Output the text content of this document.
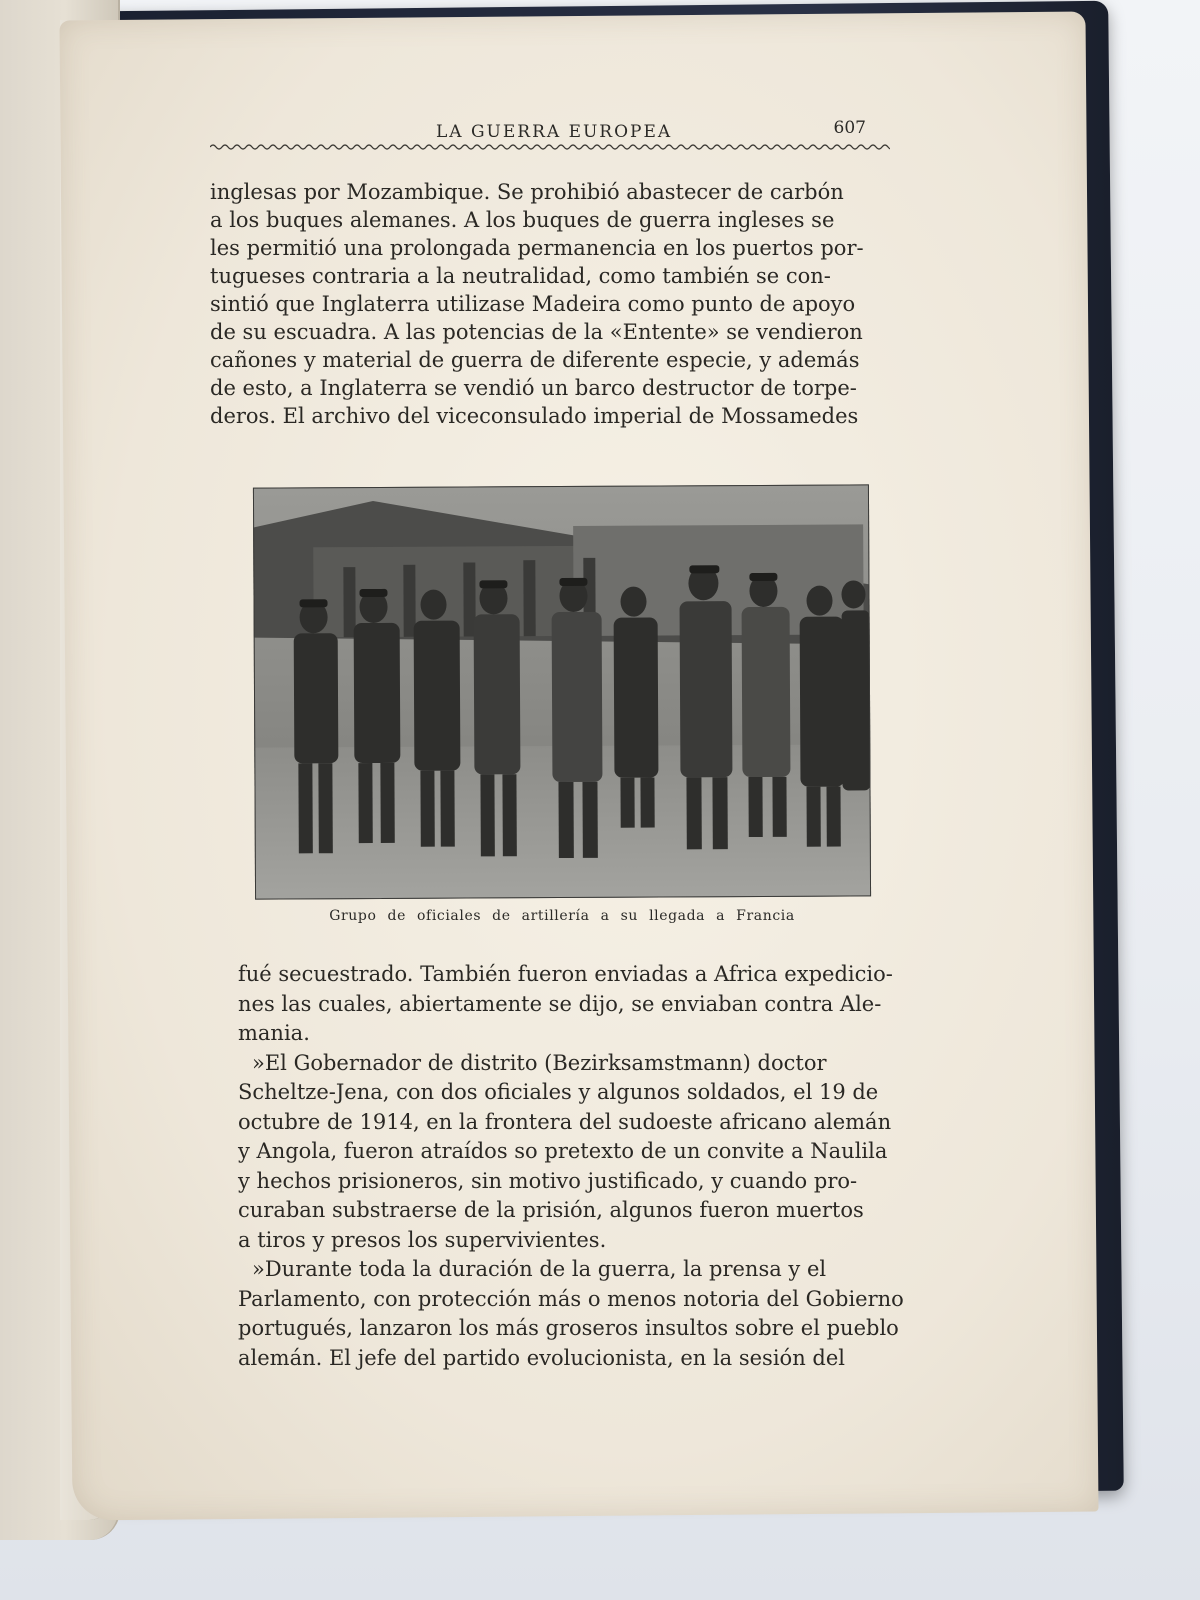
LA GUERRA EUROPEA	607

inglesas por Mozambique. Se prohibió abastecer de carbón

a los buques alemanes. A los buques de guerra ingleses se

les permitió una prolongada permanencia en los puertos por-

tugueses contraria a la neutralidad, como también se con-

sintió que Inglaterra utilizase Madeira como punto de apoyo

de su escuadra. A las potencias de la «Entente» se vendieron

cañones y material de guerra de diferente especie, y además

de esto, a Inglaterra se vendió un barco destructor de torpe-

deros. El archivo del viceconsulado imperial de Mossamedes

Grupo de oficiales de artillería a su llegada a Francia

fué secuestrado. También fueron enviadas a Africa expedicio-

nes las cuales, abiertamente se dijo, se enviaban contra Ale-

mania.

»El Gobernador de distrito (Bezirksamstmann) doctor

Scheltze-Jena, con dos oficiales y algunos soldados, el 19 de

octubre de 1914, en la frontera del sudoeste africano alemán

y Angola, fueron atraídos so pretexto de un convite a Naulila

y hechos prisioneros, sin motivo justificado, y cuando pro-

curaban substraerse de la prisión, algunos fueron muertos

a tiros y presos los supervivientes.

»Durante toda la duración de la guerra, la prensa y el

Parlamento, con protección más o menos notoria del Gobierno

portugués, lanzaron los más groseros insultos sobre el pueblo

alemán. El jefe del partido evolucionista, en la sesión del
